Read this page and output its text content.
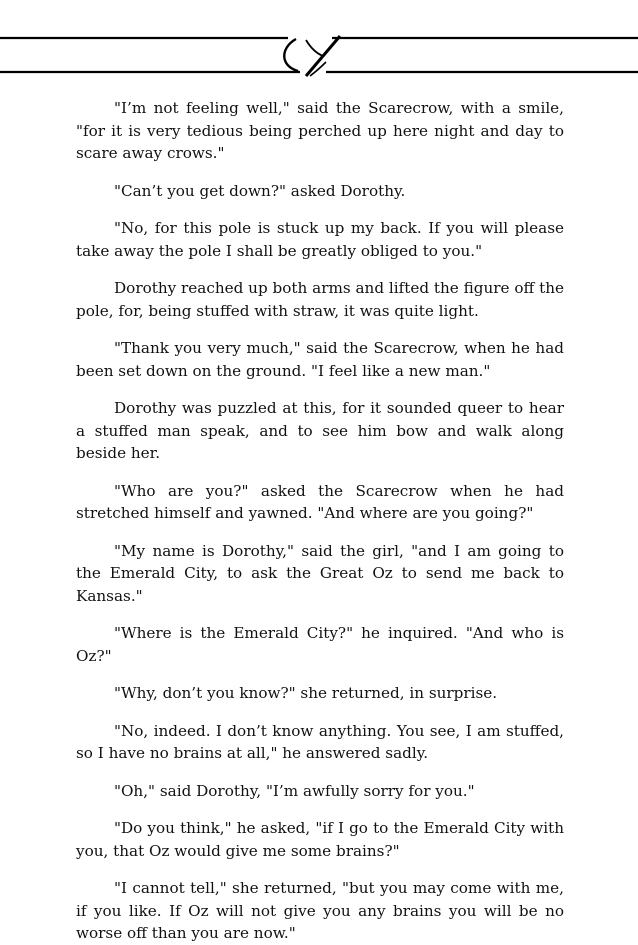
"I’m not feeling well," said the Scarecrow, with a smile, "for it is very tedious being perched up here night and day to scare away crows."

"Can’t you get down?" asked Dorothy.

"No, for this pole is stuck up my back. If you will please take away the pole I shall be greatly obliged to you."

Dorothy reached up both arms and lifted the figure off the pole, for, being stuffed with straw, it was quite light.

"Thank you very much," said the Scarecrow, when he had been set down on the ground. "I feel like a new man."

Dorothy was puzzled at this, for it sounded queer to hear a stuffed man speak, and to see him bow and walk along beside her.

"Who are you?" asked the Scarecrow when he had stretched himself and yawned. "And where are you going?"

"My name is Dorothy," said the girl, "and I am going to the Emerald City, to ask the Great Oz to send me back to Kansas."

"Where is the Emerald City?" he inquired. "And who is Oz?"

"Why, don’t you know?" she returned, in surprise.

"No, indeed. I don’t know anything. You see, I am stuffed, so I have no brains at all," he answered sadly.

"Oh," said Dorothy, "I’m awfully sorry for you."

"Do you think," he asked, "if I go to the Emerald City with you, that Oz would give me some brains?"

"I cannot tell," she returned, "but you may come with me, if you like. If Oz will not give you any brains you will be no worse off than you are now."
